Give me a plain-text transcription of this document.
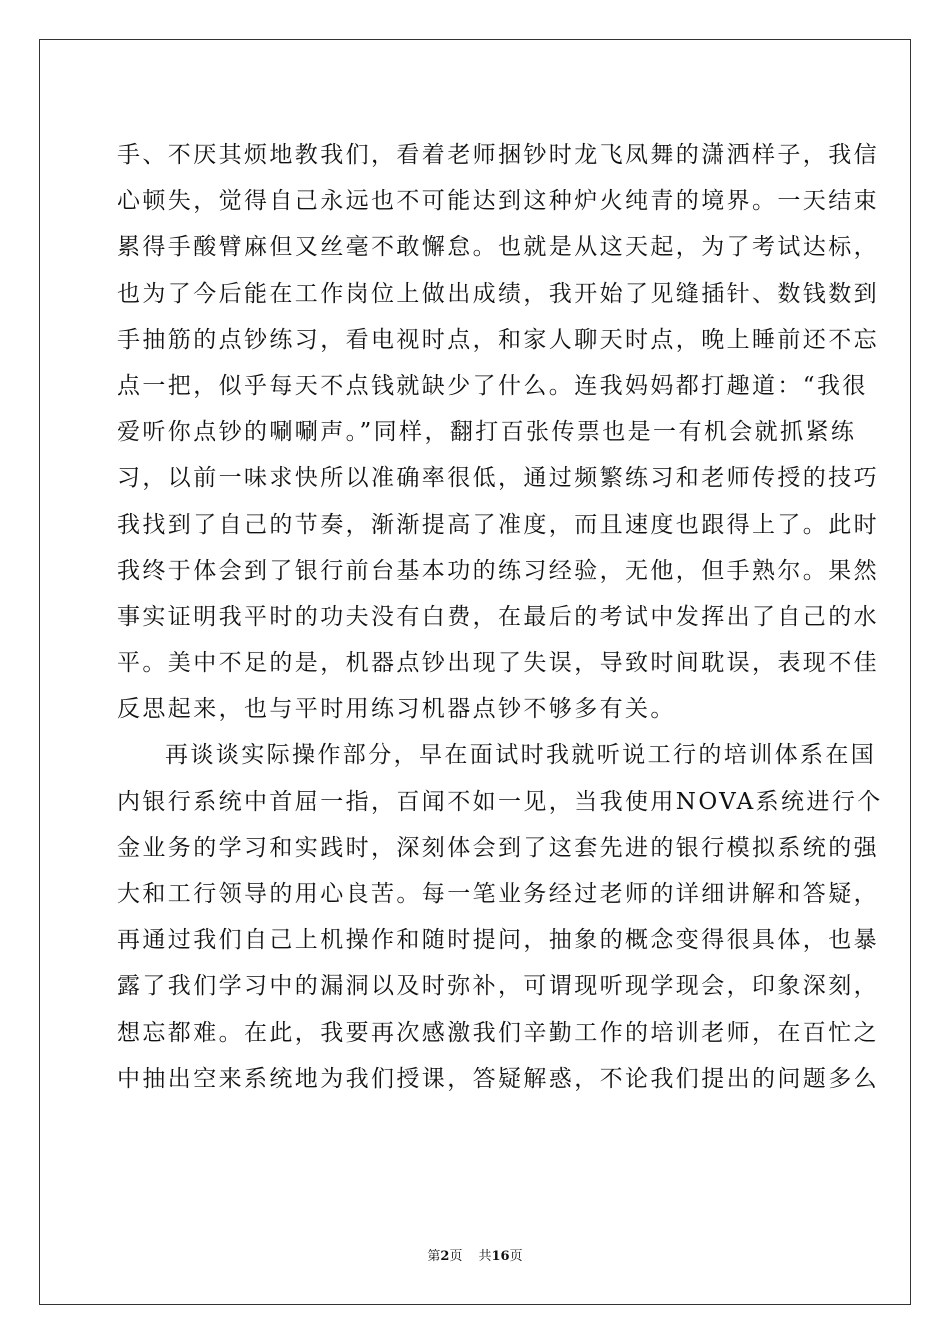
手、不厌其烦地教我们，看着老师捆钞时龙飞凤舞的潇洒样子，我信
心顿失，觉得自己永远也不可能达到这种炉火纯青的境界。一天结束
累得手酸臂麻但又丝毫不敢懈怠。也就是从这天起，为了考试达标，
也为了今后能在工作岗位上做出成绩，我开始了见缝插针、数钱数到
手抽筋的点钞练习，看电视时点，和家人聊天时点，晚上睡前还不忘
点一把，似乎每天不点钱就缺少了什么。连我妈妈都打趣道：“我很
爱听你点钞的唰唰声。”同样，翻打百张传票也是一有机会就抓紧练
习，以前一味求快所以准确率很低，通过频繁练习和老师传授的技巧
我找到了自己的节奏，渐渐提高了准度，而且速度也跟得上了。此时
我终于体会到了银行前台基本功的练习经验，无他，但手熟尔。果然
事实证明我平时的功夫没有白费，在最后的考试中发挥出了自己的水
平。美中不足的是，机器点钞出现了失误，导致时间耽误，表现不佳
反思起来，也与平时用练习机器点钞不够多有关。
再谈谈实际操作部分，早在面试时我就听说工行的培训体系在国
内银行系统中首屈一指，百闻不如一见，当我使用NOVA系统进行个
金业务的学习和实践时，深刻体会到了这套先进的银行模拟系统的强
大和工行领导的用心良苦。每一笔业务经过老师的详细讲解和答疑，
再通过我们自己上机操作和随时提问，抽象的概念变得很具体，也暴
露了我们学习中的漏洞以及时弥补，可谓现听现学现会，印象深刻，
想忘都难。在此，我要再次感激我们辛勤工作的培训老师，在百忙之
中抽出空来系统地为我们授课，答疑解惑，不论我们提出的问题多么
第2页 共16页
